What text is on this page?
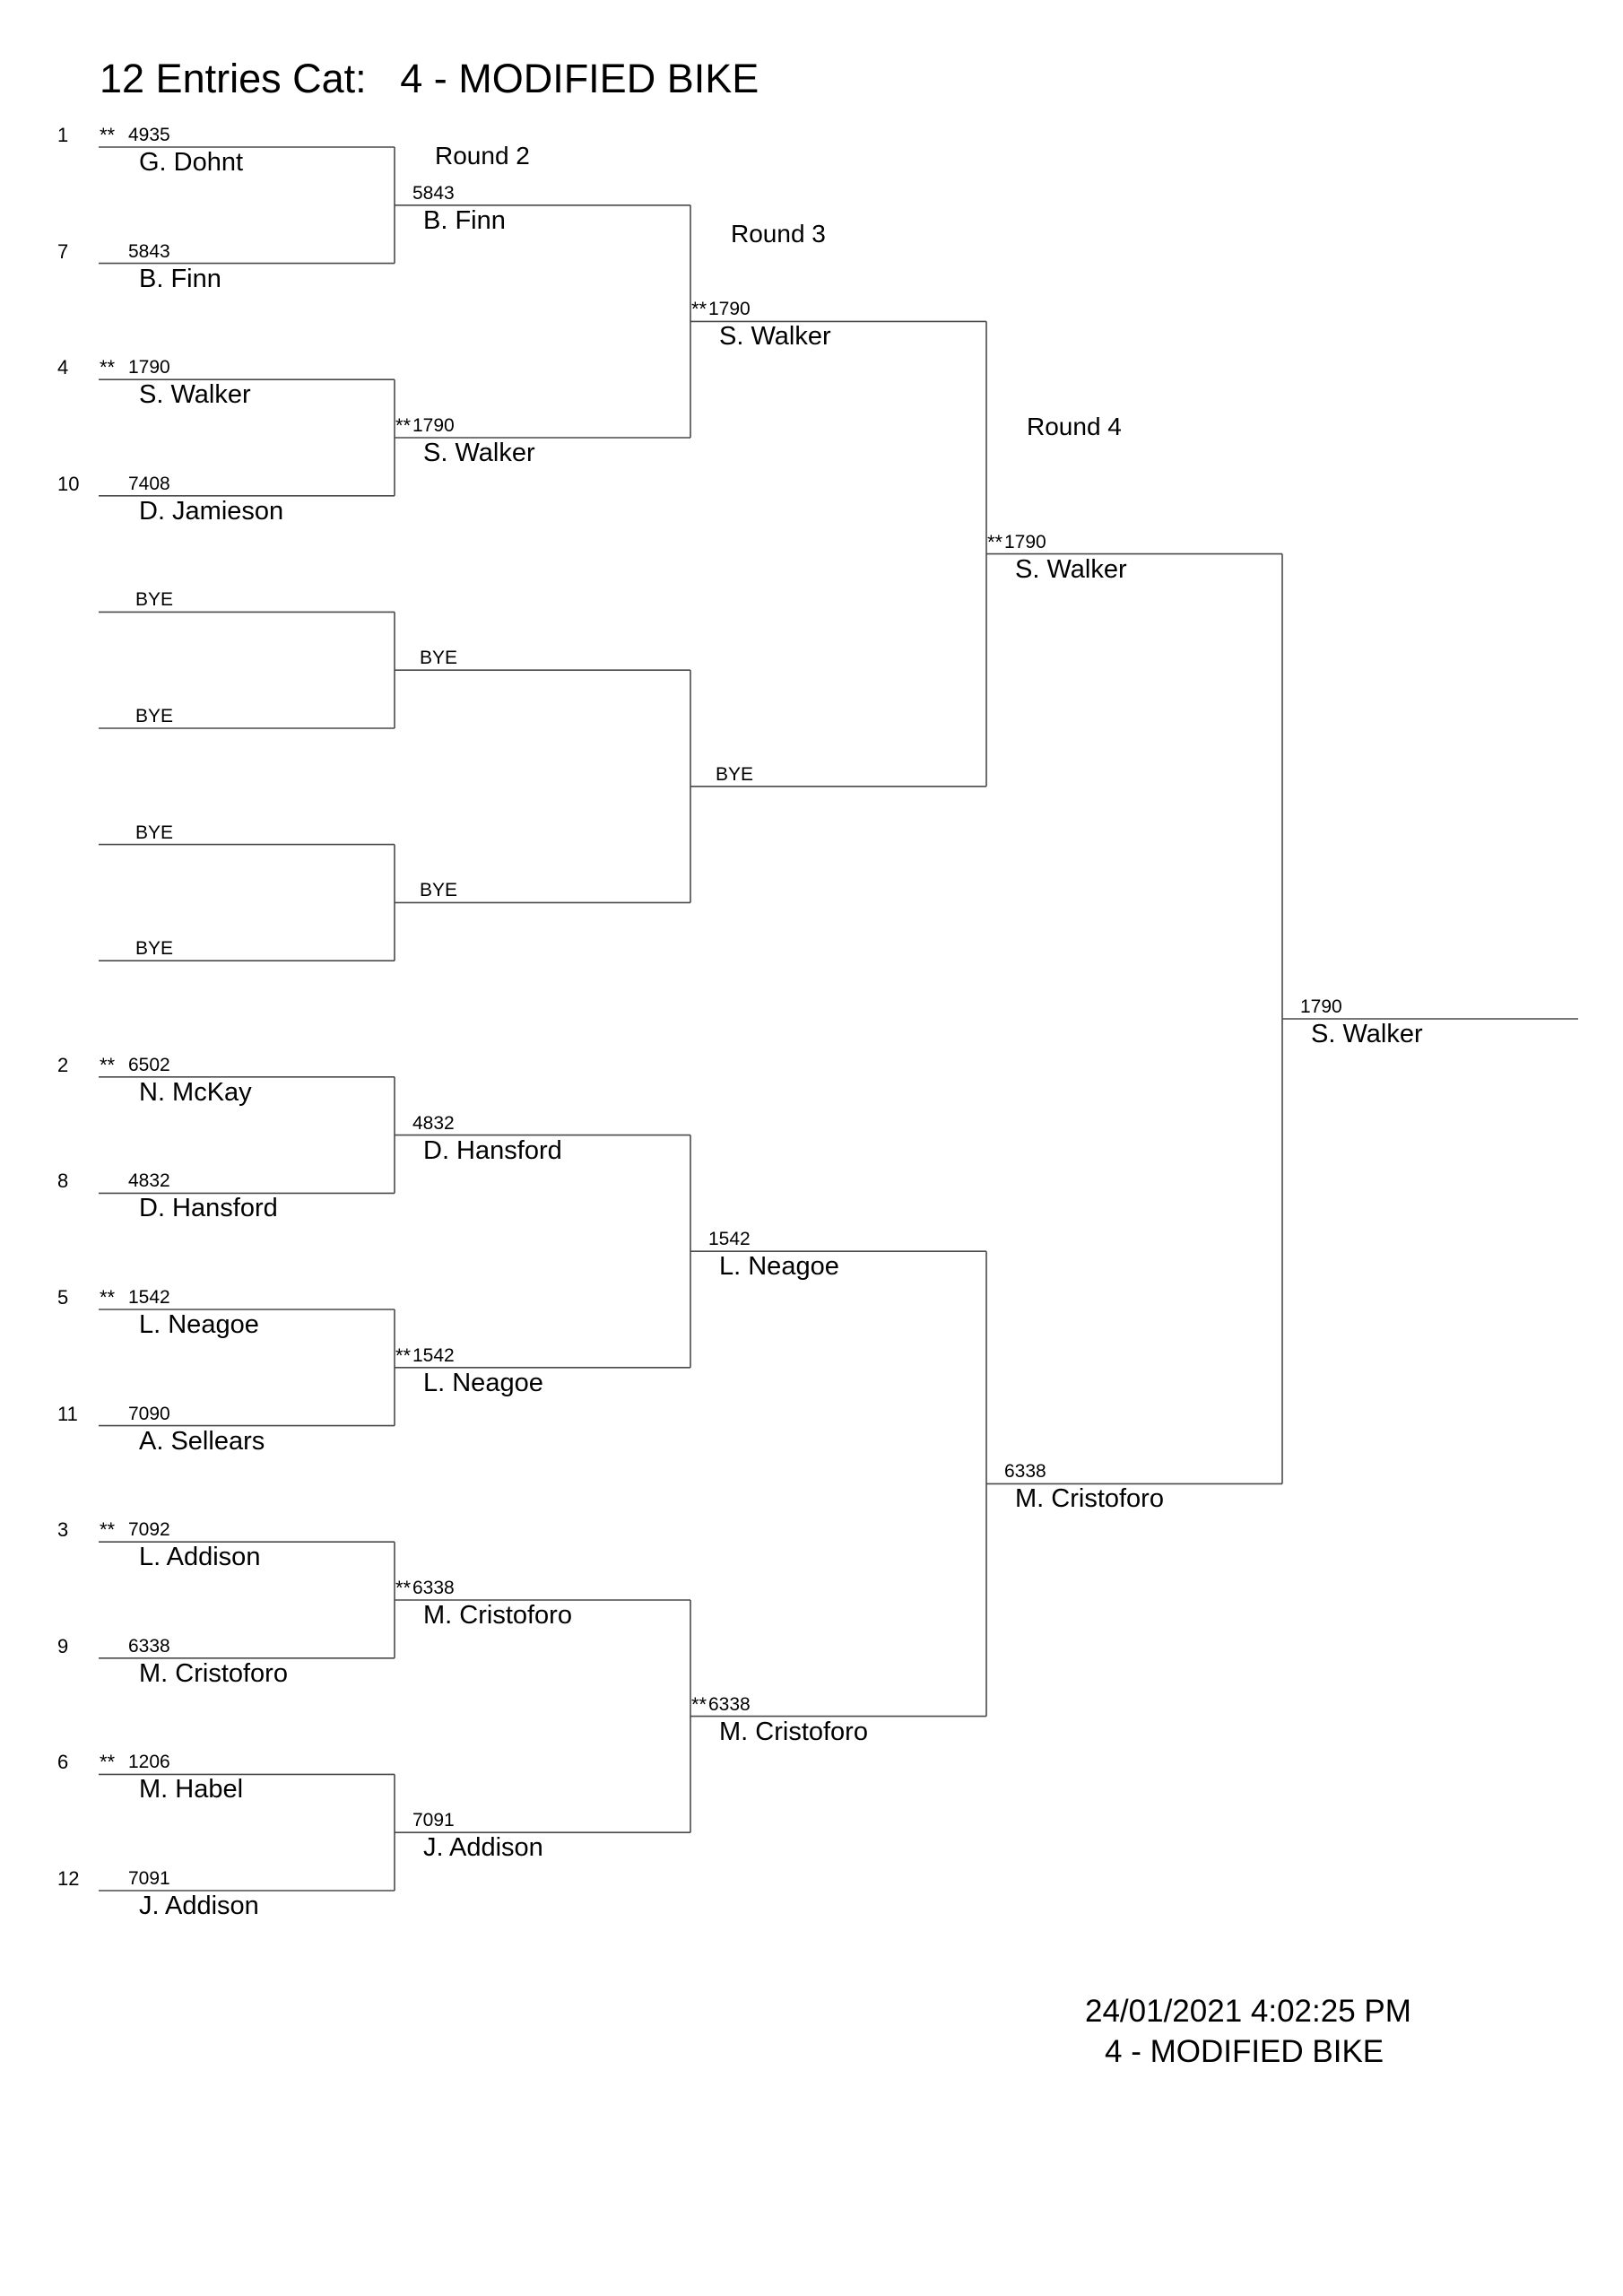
12 Entries Cat: 4 - MODIFIED BIKE
Round 2
Round 3
Round 4
1 ** 4935
G. Dohnt
7	5843
B. Finn
4 ** 1790
S. Walker
10	7408
D. Jamieson
BYE
BYE
BYE
BYE
2 ** 6502
N. McKay
8	4832
D. Hansford
5 ** 1542
L. Neagoe
11	7090
A. Sellears
3 ** 7092
L. Addison
9	6338
M. Cristoforo
6 ** 1206
M. Habel
12	7091
J. Addison
5843
B. Finn
** 1790
S. Walker
BYE
BYE
4832
D. Hansford
** 1542
L. Neagoe
** 6338
M. Cristoforo
7091
J. Addison
** 1790
S. Walker
BYE
1542
L. Neagoe
** 6338
M. Cristoforo
** 1790
S. Walker
6338
M. Cristoforo
1790
S. Walker
24/01/2021 4:02:25 PM
4 - MODIFIED BIKE
